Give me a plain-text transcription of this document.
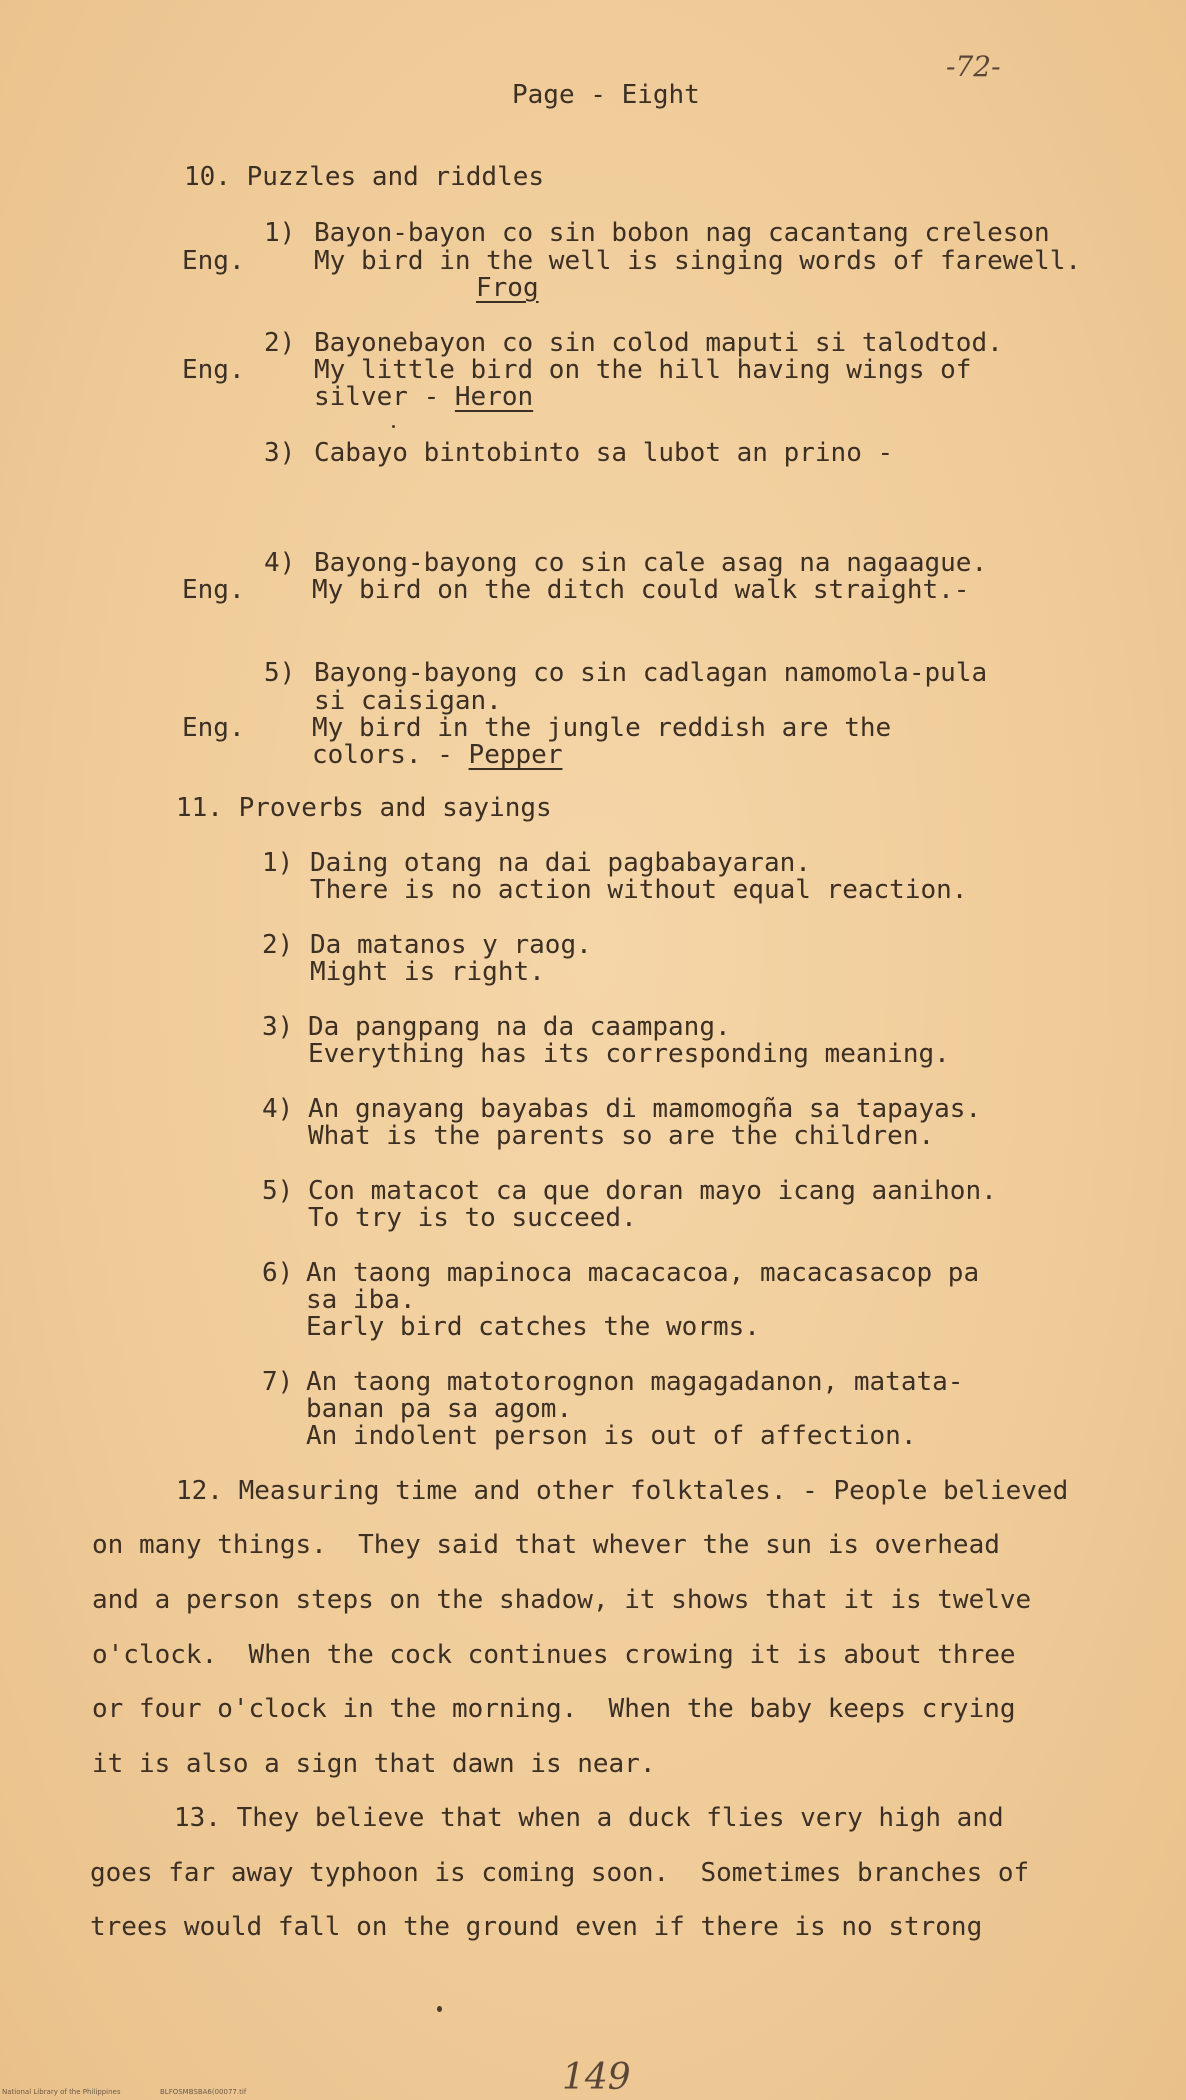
-72-
Page - Eight
10. Puzzles and riddles
1) Bayon-bayon co sin bobon nag cacantang creleson
Eng.	My bird in the well is singing words of farewell.
Frog
2) Bayonebayon co sin colod maputi si talodtod.
Eng.	My little bird on the hill having wings of
silver - Heron
3) Cabayo bintobinto sa lubot an prino -
4) Bayong-bayong co sin cale asag na nagaague.
Eng.	My bird on the ditch could walk straight.-
5) Bayong-bayong co sin cadlagan namomola-pula
si caisigan.
Eng.	My bird in the jungle reddish are the
colors. - Pepper
11. Proverbs and sayings
1) Daing otang na dai pagbabayaran.
There is no action without equal reaction.
2) Da matanos y raog.
Might is right.
3) Da pangpang na da caampang.
Everything has its corresponding meaning.
4) An gnayang bayabas di mamomogña sa tapayas.
What is the parents so are the children.
5) Con matacot ca que doran mayo icang aanihon.
To try is to succeed.
6) An taong mapinoca macacacoa, macacasacop pa
sa iba.
Early bird catches the worms.
7) An taong matotorognon magagadanon, matata-
banan pa sa agom.
An indolent person is out of affection.
12. Measuring time and other folktales. - People believed
on many things.  They said that whever the sun is overhead
and a person steps on the shadow, it shows that it is twelve
o'clock.  When the cock continues crowing it is about three
or four o'clock in the morning.  When the baby keeps crying
it is also a sign that dawn is near.
13. They believe that when a duck flies very high and
goes far away typhoon is coming soon.  Sometimes branches of
trees would fall on the ground even if there is no strong
149
National Library of the Philippines	BLFOSMBSBA6(00077.tif
